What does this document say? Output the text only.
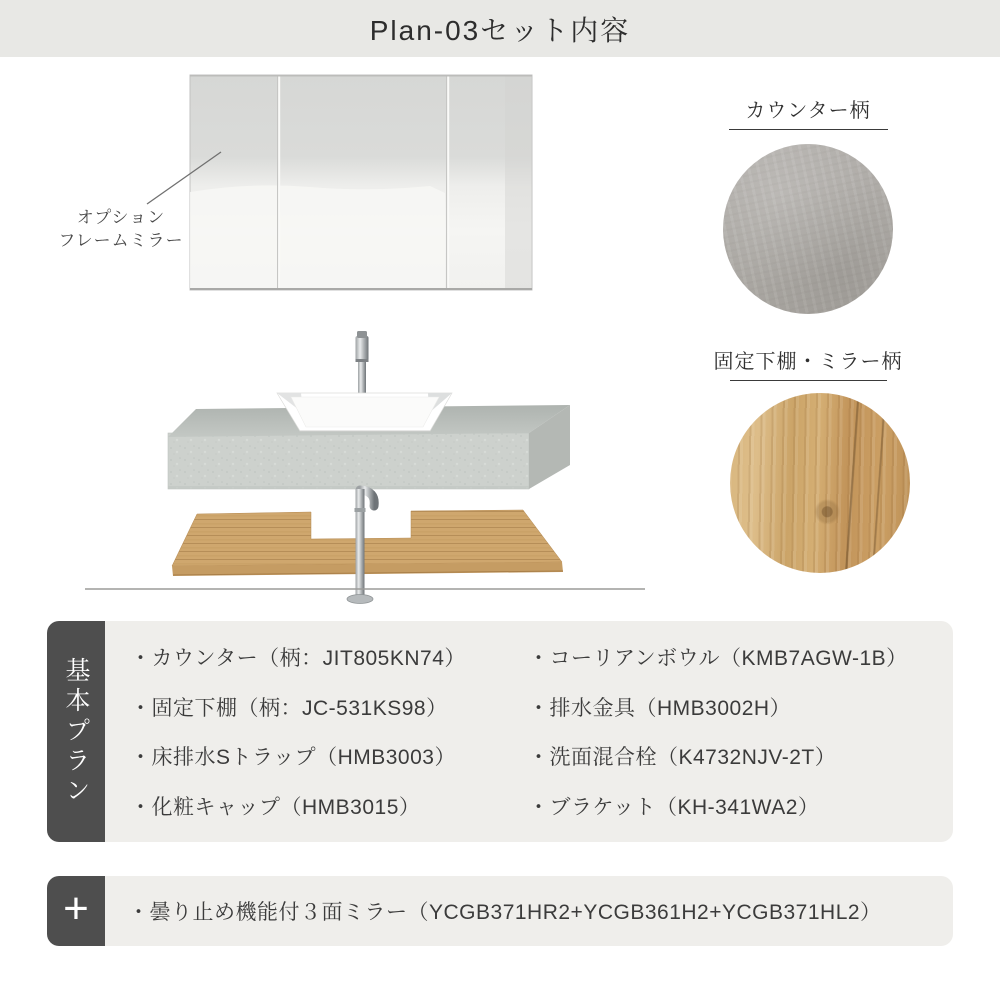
Plan-03セット内容
オプション
フレームミラー
カウンター柄
固定下棚・ミラー柄
基本プラン ・カウンター（柄：JIT805KN74）
・固定下棚（柄：JC-531KS98）
・床排水Sトラップ（HMB3003）
・化粧キャップ（HMB3015）
・コーリアンボウル（KMB7AGW-1B）
・排水金具（HMB3002H）
・洗面混合栓（K4732NJV-2T）
・ブラケット（KH-341WA2）
+ ・曇り止め機能付３面ミラー（YCGB371HR2+YCGB361H2+YCGB371HL2）
